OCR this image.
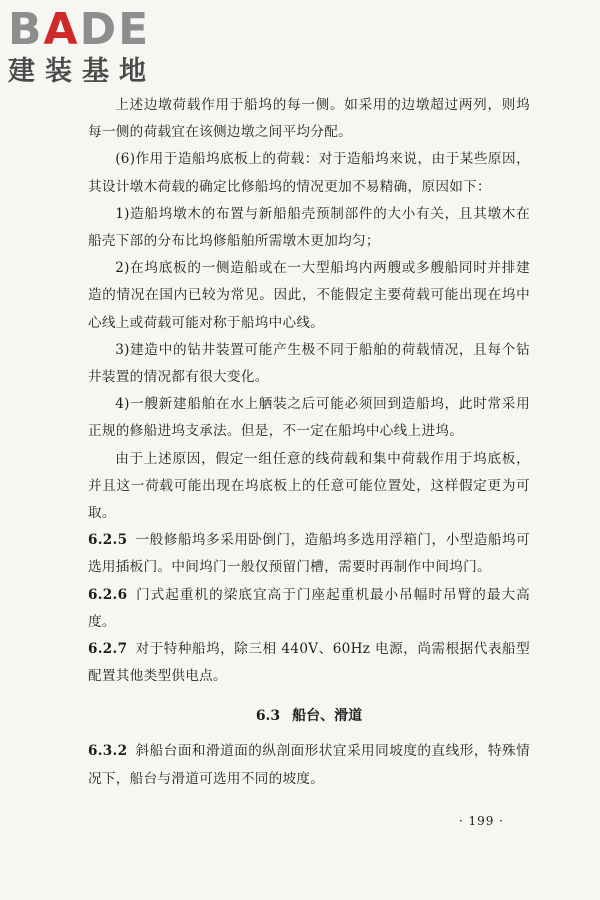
BADE
建装基地

上述边墩荷载作用于船坞的每一侧。如采用的边墩超过两列，则坞每一侧的荷载宜在该侧边墩之间平均分配。

(6)作用于造船坞底板上的荷载：对于造船坞来说，由于某些原因，其设计墩木荷载的确定比修船坞的情况更加不易精确，原因如下：

1)造船坞墩木的布置与新船船壳预制部件的大小有关，且其墩木在船壳下部的分布比坞修船舶所需墩木更加均匀；

2)在坞底板的一侧造船或在一大型船坞内两艘或多艘船同时并排建造的情况在国内已较为常见。因此，不能假定主要荷载可能出现在坞中心线上或荷载可能对称于船坞中心线。

3)建造中的钻井装置可能产生极不同于船舶的荷载情况，且每个钻井装置的情况都有很大变化。

4)一艘新建船舶在水上舾装之后可能必须回到造船坞，此时常采用正规的修船进坞支承法。但是，不一定在船坞中心线上进坞。

由于上述原因，假定一组任意的线荷载和集中荷载作用于坞底板，并且这一荷载可能出现在坞底板上的任意可能位置处，这样假定更为可取。

6.2.5 一般修船坞多采用卧倒门，造船坞多选用浮箱门，小型造船坞可选用插板门。中间坞门一般仅预留门槽，需要时再制作中间坞门。

6.2.6 门式起重机的梁底宜高于门座起重机最小吊幅时吊臂的最大高度。

6.2.7 对于特种船坞，除三相 440V、60Hz 电源，尚需根据代表船型配置其他类型供电点。

6.3 船台、滑道

6.3.2 斜船台面和滑道面的纵剖面形状宜采用同坡度的直线形，特殊情况下，船台与滑道可选用不同的坡度。

· 199 ·
